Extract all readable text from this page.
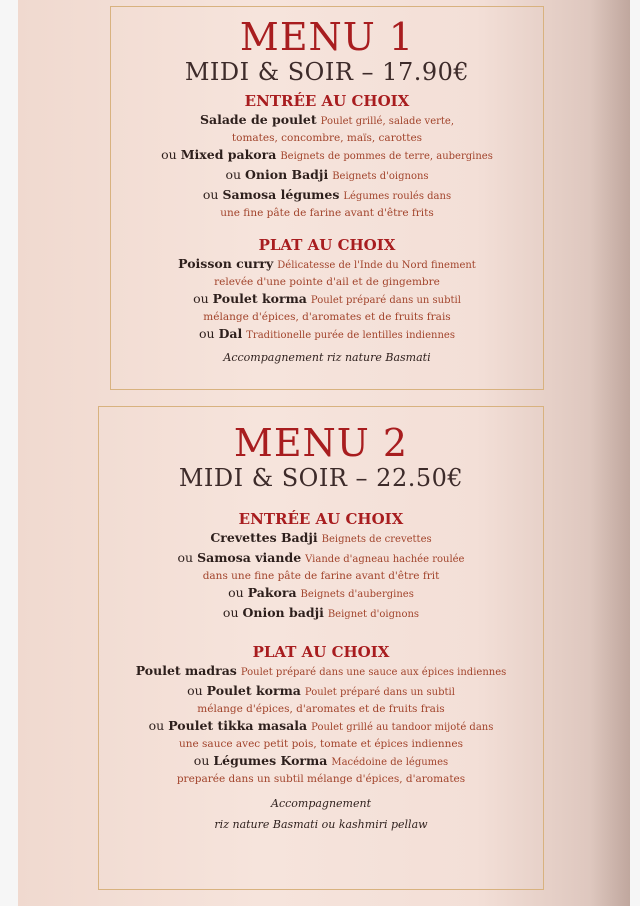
MENU 1

MIDI & SOIR – 17.90€

ENTRÉE AU CHOIX

Salade de poulet Poulet grillé, salade verte,

tomates, concombre, maïs, carottes

ou Mixed pakora Beignets de pommes de terre, aubergines

ou Onion Badji Beignets d'oignons

ou Samosa légumes Légumes roulés dans

une fine pâte de farine avant d'être frits

PLAT AU CHOIX

Poisson curry Délicatesse de l'Inde du Nord finement

relevée d'une pointe d'ail et de gingembre

ou Poulet korma Poulet préparé dans un subtil

mélange d'épices, d'aromates et de fruits frais

ou Dal Traditionelle purée de lentilles indiennes

Accompagnement riz nature Basmati

MENU 2

MIDI & SOIR – 22.50€

ENTRÉE AU CHOIX

Crevettes Badji Beignets de crevettes

ou Samosa viande Viande d'agneau hachée roulée

dans une fine pâte de farine avant d'être frit

ou Pakora Beignets d'aubergines

ou Onion badji Beignet d'oignons

PLAT AU CHOIX

Poulet madras Poulet préparé dans une sauce aux épices indiennes

ou Poulet korma Poulet préparé dans un subtil

mélange d'épices, d'aromates et de fruits frais

ou Poulet tikka masala Poulet grillé au tandoor mijoté dans

une sauce avec petit pois, tomate et épices indiennes

ou Légumes Korma Macédoine de légumes

preparée dans un subtil mélange d'épices, d'aromates

Accompagnement

riz nature Basmati ou kashmiri pellaw
